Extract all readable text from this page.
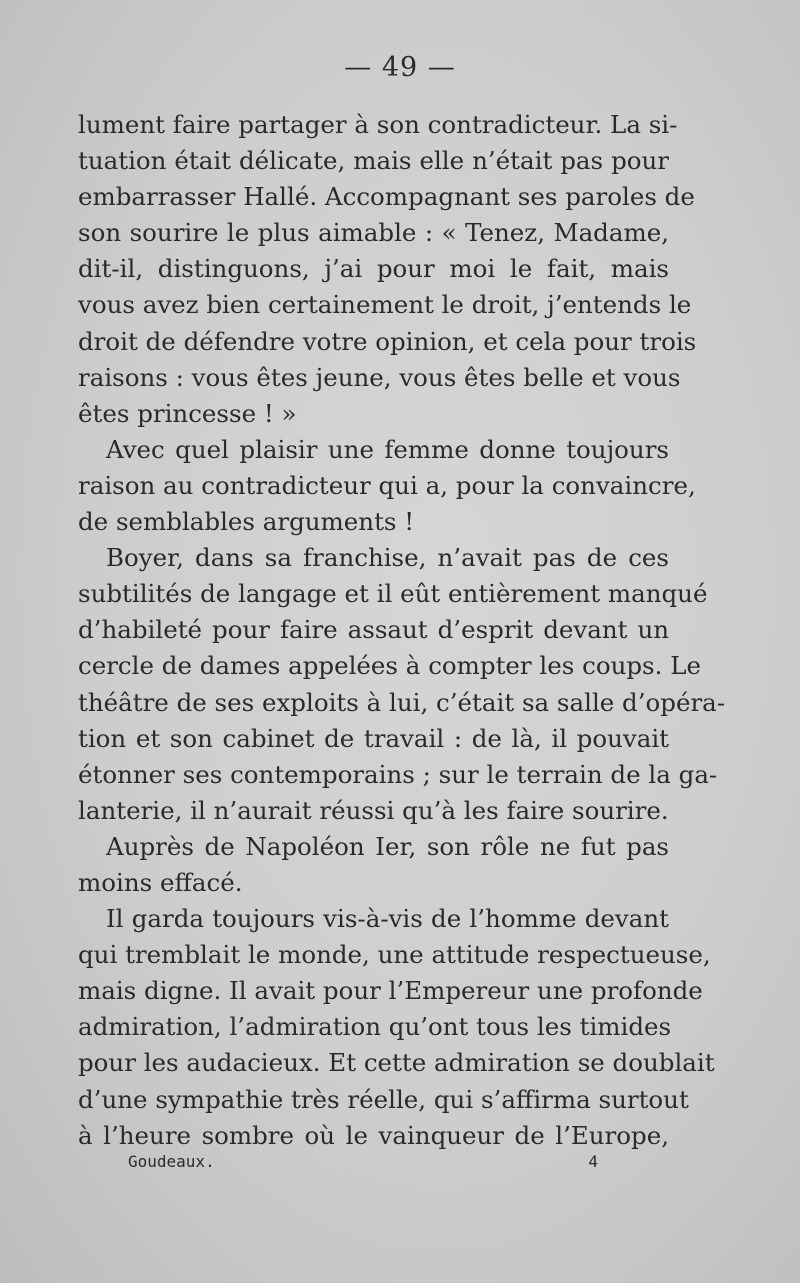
— 49 —
lument faire partager à son contradicteur. La si-
tuation était délicate, mais elle n’était pas pour
embarrasser Hallé. Accompagnant ses paroles de
son sourire le plus aimable : « Tenez, Madame,
dit-il, distinguons, j’ai pour moi le fait, mais
vous avez bien certainement le droit, j’entends le
droit de défendre votre opinion, et cela pour trois
raisons : vous êtes jeune, vous êtes belle et vous
êtes princesse ! »
Avec quel plaisir une femme donne toujours
raison au contradicteur qui a, pour la convaincre,
de semblables arguments !
Boyer, dans sa franchise, n’avait pas de ces
subtilités de langage et il eût entièrement manqué
d’habileté pour faire assaut d’esprit devant un
cercle de dames appelées à compter les coups. Le
théâtre de ses exploits à lui, c’était sa salle d’opéra-
tion et son cabinet de travail : de là, il pouvait
étonner ses contemporains ; sur le terrain de la ga-
lanterie, il n’aurait réussi qu’à les faire sourire.
Auprès de Napoléon Ier, son rôle ne fut pas
moins effacé.
Il garda toujours vis-à-vis de l’homme devant
qui tremblait le monde, une attitude respectueuse,
mais digne. Il avait pour l’Empereur une profonde
admiration, l’admiration qu’ont tous les timides
pour les audacieux. Et cette admiration se doublait
d’une sympathie très réelle, qui s’affirma surtout
à l’heure sombre où le vainqueur de l’Europe,
Goudeaux.	4
